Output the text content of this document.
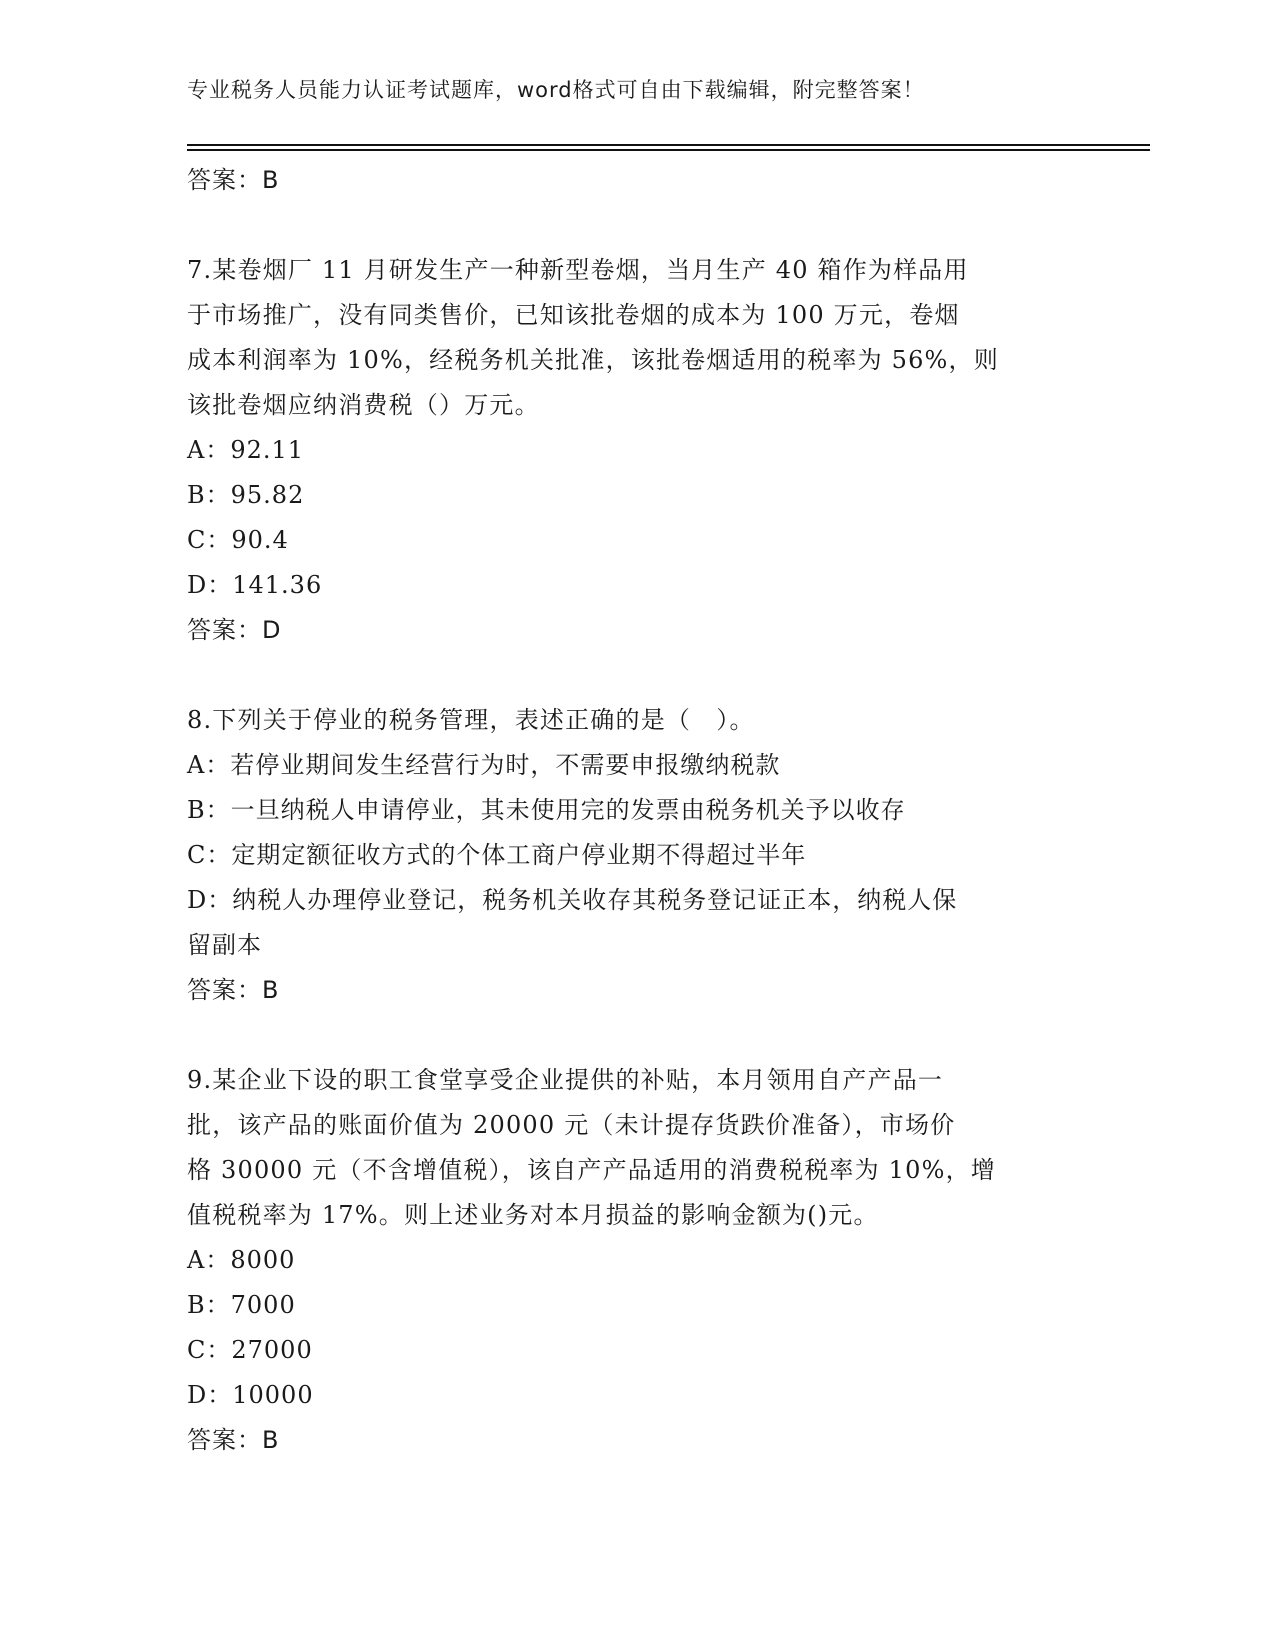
专业税务人员能力认证考试题库，word格式可自由下载编辑，附完整答案！
答案：B
7.某卷烟厂 11 月研发生产一种新型卷烟，当月生产 40 箱作为样品用
于市场推广，没有同类售价，已知该批卷烟的成本为 100 万元，卷烟
成本利润率为 10%，经税务机关批准，该批卷烟适用的税率为 56%，则
该批卷烟应纳消费税（）万元。
A：92.11
B：95.82
C：90.4
D：141.36
答案：D
8.下列关于停业的税务管理，表述正确的是（　）。
A：若停业期间发生经营行为时，不需要申报缴纳税款
B：一旦纳税人申请停业，其未使用完的发票由税务机关予以收存
C：定期定额征收方式的个体工商户停业期不得超过半年
D：纳税人办理停业登记，税务机关收存其税务登记证正本，纳税人保
留副本
答案：B
9.某企业下设的职工食堂享受企业提供的补贴，本月领用自产产品一
批，该产品的账面价值为 20000 元（未计提存货跌价准备），市场价
格 30000 元（不含增值税），该自产产品适用的消费税税率为 10%，增
值税税率为 17%。则上述业务对本月损益的影响金额为()元。
A：8000
B：7000
C：27000
D：10000
答案：B
